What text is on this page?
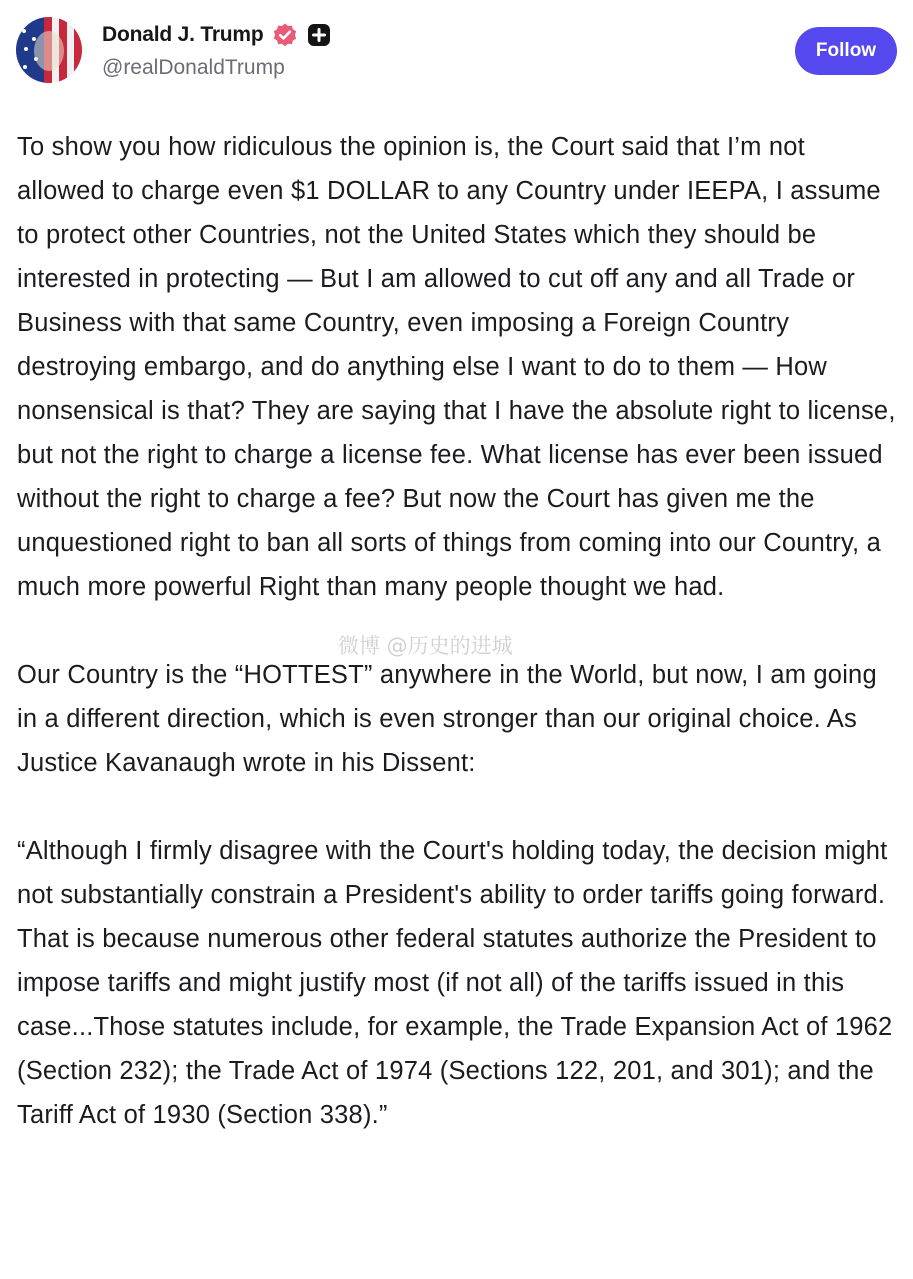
Donald J. Trump
@realDonaldTrump
Follow

To show you how ridiculous the opinion is, the Court said that I’m not allowed to charge even $1 DOLLAR to any Country under IEEPA, I assume to protect other Countries, not the United States which they should be interested in protecting — But I am allowed to cut off any and all Trade or Business with that same Country, even imposing a Foreign Country destroying embargo, and do anything else I want to do to them — How nonsensical is that? They are saying that I have the absolute right to license, but not the right to charge a license fee. What license has ever been issued without the right to charge a fee? But now the Court has given me the unquestioned right to ban all sorts of things from coming into our Country, a much more powerful Right than many people thought we had.

Our Country is the “HOTTEST” anywhere in the World, but now, I am going in a different direction, which is even stronger than our original choice. As Justice Kavanaugh wrote in his Dissent:

“Although I firmly disagree with the Court's holding today, the decision might not substantially constrain a President's ability to order tariffs going forward. That is because numerous other federal statutes authorize the President to impose tariffs and might justify most (if not all) of the tariffs issued in this case...Those statutes include, for example, the Trade Expansion Act of 1962 (Section 232); the Trade Act of 1974 (Sections 122, 201, and 301); and the Tariff Act of 1930 (Section 338).”

微博 @历史的进城
